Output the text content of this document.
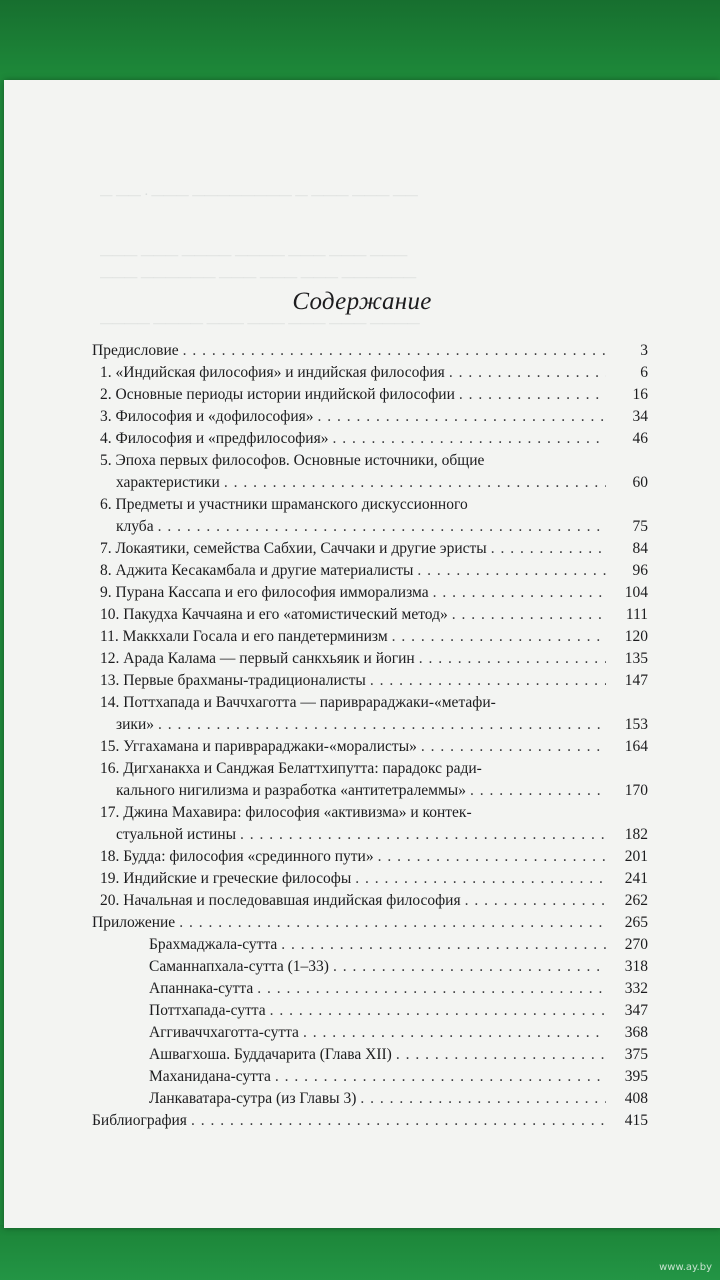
— —— · ——— ———————— — ——— ——— ——
——— ——— ———— ———— ——— ——— ———
——— —————— ——— ——— ——— ——————
———— ———— ——— ——— ——— ——— ————
Содержание
Предисловие . . .	3
1. «Индийская философия» и индийская философия . . .	6
2. Основные периоды истории индийской философии . . .	16
3. Философия и «дофилософия» . . .	34
4. Философия и «предфилософия» . . .	46
5. Эпоха первых философов. Основные источники, общие
характеристики . . .	60
6. Предметы и участники шраманского дискуссионного
клуба . . .	75
7. Локаятики, семейства Сабхии, Саччаки и другие эристы . . .	84
8. Аджита Кесакамбала и другие материалисты . . .	96
9. Пурана Кассапа и его философия имморализма . . .	104
10. Пакудха Каччаяна и его «атомистический метод» . . .	111
11. Маккхали Госала и его пандетерминизм . . .	120
12. Арада Калама — первый санкхьяик и йогин . . .	135
13. Первые брахманы-традиционалисты . . .	147
14. Поттхапада и Ваччхаготта — париврараджаки-«метафи-
зики» . . .	153
15. Уггахамана и париврараджаки-«моралисты» . . .	164
16. Дигханакха и Санджая Белаттхипутта: парадокс ради-
кального нигилизма и разработка «антитетралеммы» . . .	170
17. Джина Махавира: философия «активизма» и контек-
стуальной истины . . .	182
18. Будда: философия «срединного пути» . . .	201
19. Индийские и греческие философы . . .	241
20. Начальная и последовавшая индийская философия . . .	262
Приложение . . .	265
Брахмаджала-сутта . . .	270
Саманнапхала-сутта (1–33) . . .	318
Апаннака-сутта . . .	332
Поттхапада-сутта . . .	347
Аггиваччхаготта-сутта . . .	368
Ашвагхоша. Буддачарита (Глава XII) . . .	375
Маханидана-сутта . . .	395
Ланкаватара-сутра (из Главы 3) . . .	408
Библиография . . .	415
www.ay.by
